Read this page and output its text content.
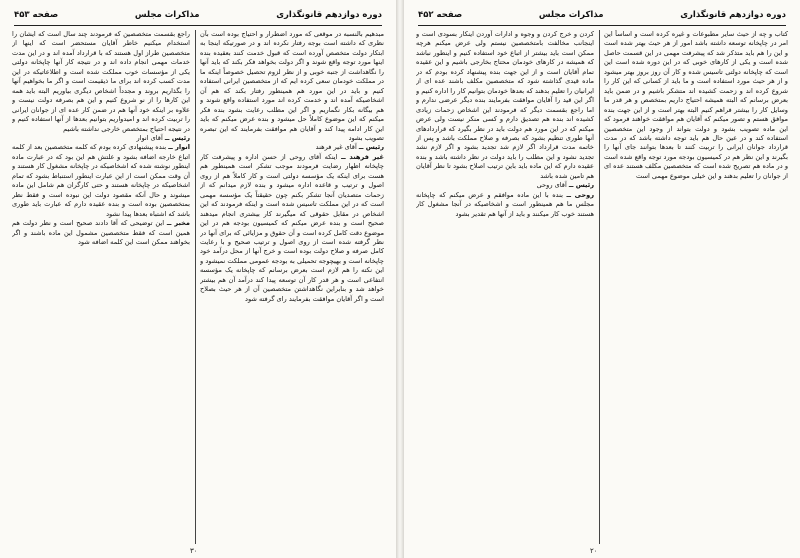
دوره دوازدهم قانونگذاری
مذاکرات مجلس
صفحه ۴۵۳

مبدهیم بالنسبه در موقعی که مورد اضطرار و احتیاج بوده است بآن نظری که داشته است بوجه رفتار نکرده اند و در صورتیکه اینجا به ابتکار دولت متخصص آورده است که قبول خدمت کنند بعقیده بنده اینها مورد توجه واقع شوند و اگر دولت بخواهد فکر بکند که باید آنها را نگاهداشت از جنبه خوبی و از نظر لزوم تحصیل خصوصاً اینکه ما در مملکت خودمان سعی کرده ایم که از متخصصین ایرانی استفاده کنیم و باید در این مورد هم همینطور رفتار بکند که هم آن اشخاصیکه آمده اند و خدمت کرده اند مورد استفاده واقع شوند و هم بیگانه بکار نگماریم و اگر این مطلب رعایت بشود بنده فکر میکنم که این موضوع کاملاً حل میشود و بنده عرض میکنم که باید این کار ادامه پیدا کند و آقایان هم موافقت بفرمایند که این تبصره تصویب بشود

رئیس ــ آقای غیر فرهند

غیر فرهند ــ اینکه آقای روحی از حسن اداره و پیشرفت کار چاپخانه اظهار رضایت فرمودند موجب تشکر است همینطور هم هست برای اینکه یک مؤسسه دولتی است و کار کاملاً هم از روی اصول و ترتیب و قاعده اداره میشود و بنده لازم میدانم که از زحمات متصدیان آنجا تشکر بکنم چون حقیقتاً یک مؤسسه مهمی است که در این مملکت تاسیس شده است و اینکه فرمودند که این اشخاص در مقابل حقوقی که میگیرند کار بیشتری انجام میدهند صحیح است و بنده عرض میکنم که کمیسیون بودجه هم در این موضوع دقت کامل کرده است و آن حقوق و مزایائی که برای آنها در نظر گرفته شده است از روی اصول و ترتیب صحیح و با رعایت کامل صرفه و صلاح دولت بوده است و خرج آنها از محل درآمد خود چاپخانه است و بهیچوجه تحمیلی به بودجه عمومی مملکت نمیشود و این نکته را هم لازم است بعرض برسانم که چاپخانه یک مؤسسه انتفاعی است و هر قدر کار آن توسعه پیدا کند درآمد آن هم بیشتر خواهد شد و بنابراین نگاهداشتن متخصصین آن از هر حیث بصلاح است و اگر آقایان موافقت بفرمایند رای گرفته شود

راجع بقسمت متخصصین که فرمودند چند سال است که ایشان را استخدام میکنیم خاطر آقایان مستحضر است که اینها از متخصصین طراز اول هستند که با قرارداد آمده اند و در این مدت خدمات مهمی انجام داده اند و در نتیجه کار آنها چاپخانه دولتی یکی از مؤسسات خوب مملکت شده است و اطلاعاتیکه در این مدت کسب کرده اند برای ما ذیقیمت است و اگر ما بخواهیم آنها را بگذاریم بروند و مجدداً اشخاص دیگری بیاوریم البته باید همه این کارها را از نو شروع کنیم و این هم بصرفه دولت نیست و علاوه بر اینکه خود آنها هم در ضمن کار عده ای از جوانان ایرانی را تربیت کرده اند و امیدواریم بتوانیم بعدها از آنها استفاده کنیم و در نتیجه احتیاج بمتخصص خارجی نداشته باشیم

رئیس ــ آقای انوار

انوار ــ بنده پیشنهادی کرده بودم که کلمه متخصصین بعد از کلمه اتباع خارجه اضافه بشود و علتش هم این بود که در عبارت ماده اینطور نوشته شده که اشخاصیکه در چاپخانه مشغول کار هستند و آن وقت ممکن است از این عبارت اینطور استنباط بشود که تمام اشخاصیکه در چاپخانه هستند و حتی کارگران هم شامل این ماده میشوند و حال آنکه مقصود دولت این نبوده است و فقط نظر بمتخصصین بوده است و بنده عقیده دارم که عبارت باید طوری باشد که اشتباه بعدها پیدا نشود

مخبر ــ این توضیحی که آقا دادند صحیح است و نظر دولت هم همین است که فقط متخصصین مشمول این ماده باشند و اگر بخواهند ممکن است این کلمه اضافه شود

۳۰
دوره دوازدهم قانونگذاری
مذاکرات مجلس
صفحه ۴۵۲

کتاب و چه از حیث سایر مطبوعات و غیره کرده است و اساساً این امر در چاپخانه توسعه داشته باشد امور از هر حیث بهتر شده است و این را هم باید متذکر شد که پیشرفت مهمی در این قسمت حاصل شده است و یکی از کارهای خوبی که در این دوره شده است این است که چاپخانه دولتی تاسیس شده و کار آن روز بروز بهتر میشود و از هر حیث مورد استفاده است و ما باید از کسانی که این کار را شروع کرده اند و زحمت کشیده اند متشکر باشیم و در ضمن باید بعرض برسانم که البته همیشه احتیاج داریم بمتخصص و هر قدر ما وسایل کار را بیشتر فراهم کنیم البته بهتر است و از این جهت بنده موافق هستم و تصور میکنم که آقایان هم موافقت خواهند فرمود که این ماده تصویب بشود و دولت بتواند از وجود این متخصصین استفاده کند و در عین حال هم باید توجه داشته باشد که در مدت قرارداد جوانان ایرانی را تربیت کنند تا بعدها بتوانند جای آنها را بگیرند و این نظر هم در کمیسیون بودجه مورد توجه واقع شده است و در ماده هم تصریح شده است که متخصصین مکلف هستند عده ای از جوانان را تعلیم بدهند و این خیلی موضوع مهمی است

کردن و خرج کردن و وجوه و ادارات آوردن اینکار بسودی است و اینجانب مخالفت بامتخصصین نیستم ولی عرض میکنم هرچه ممکن است باید بیشتر از اتباع خود استفاده کنیم و اینطور نباشد که همیشه در کارهای خودمان محتاج بخارجی باشیم و این عقیده تمام آقایان است و از این جهت بنده پیشنهاد کرده بودم که در ماده قیدی گذاشته شود که متخصصین مکلف باشند عده ای از ایرانیان را تعلیم بدهند که بعدها خودمان بتوانیم کار را اداره کنیم و اگر این قید را آقایان موافقت بفرمایند بنده دیگر عرضی ندارم و اما راجع بقسمت دیگر که فرمودند این اشخاص زحمات زیادی کشیده اند بنده هم تصدیق دارم و کسی منکر نیست ولی عرض میکنم که در این مورد هم دولت باید در نظر بگیرد که قراردادهای آنها طوری تنظیم بشود که بصرفه و صلاح مملکت باشد و پس از خاتمه مدت قرارداد اگر لازم شد تجدید بشود و اگر لازم نشد تجدید نشود و این مطلب را باید دولت در نظر داشته باشد و بنده عقیده دارم که این ماده باید باین ترتیب اصلاح بشود تا نظر آقایان هم تامین شده باشد

رئیس ــ آقای روحی

روحی ــ بنده با این ماده موافقم و عرض میکنم که چاپخانه مجلس ما هم همینطور است و اشخاصیکه در آنجا مشغول کار هستند خوب کار میکنند و باید از آنها هم تقدیر بشود

۲۰
